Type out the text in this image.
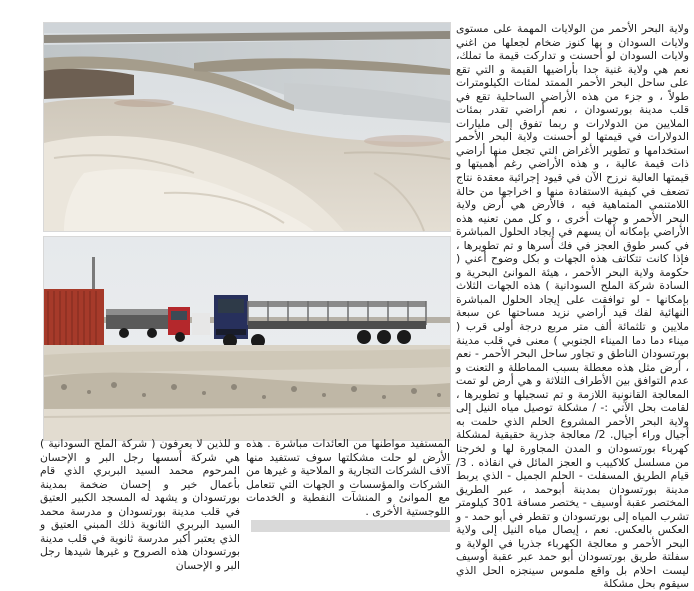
ولاية البحر الأحمر من الولايات المهمة على مستوى ولايات السودان و بها كنوز ضخام لجعلها من اغني ولايات السودان لو أحسنت و تداركت قيمة ما تملك، نعم هي ولاية غنية جدا بأراضيها القيمة و التي تقع على ساحل البحر الأحمر الممتد لمئات الكيلومترات طولاً ، و جزء من هذه الأراضي الساحلية تقع في قلب مدينة بورتسودان ، نعم أراضي تقدر بمئات الملايين من الدولارات و ربما تفوق إلى مليارات الدولارات في قيمتها لو أحسنت ولاية البحر الأحمر استخدامها و تطوير الأغراض التي تجعل منها أراضي ذات قيمة عالية ، و هذه الأراضي رغم أهميتها و قيمتها العالية نرزح الآن في قيود إجرائية معقدة نتاج تضعف في كيفية الاستفادة منها و اخراجها من حالة اللامتنمي المتماهية فيه ، فالأرض هي أرض ولاية البحر الأحمر و جهات أخرى ، و كل ممن تعنيه هذه الأراضي بإمكانه أن يسهم في إيجاد الحلول المباشرة في كسر طوق العجز في فك أسرها و تم تطويرها ، فإذا كانت تتكاتف هذه الجهات و بكل وضوح أعني ( حكومة ولاية البحر الأحمر ، هيئة الموانئ البحرية و السادة شركة الملح السودانية ) هذه الجهات الثلاث بإمكانها - لو توافقت على إيجاد الحلول المباشرة النهائية لفك قيد أراضي نزيد مساحتها عن سبعة ملايين و تلثمائة ألف متر مربع درجة أولى قرب ( ميناء دما دما الميناء الجنوبي ) معنى في قلب مدينة بورتسودان الناطق و تجاور ساحل البحر الأحمر - نعم ، أرض مثل هذه معطلة بسبب المماطلة و التعنت و عدم التوافق بين الأطراف الثلاثة و هي أرض لو تمت المعالجة القانونية اللازمة و تم تسجيلها و تطويرها ، لقامت بحل الآتي :- / مشكلة توصيل مياه النيل إلى ولاية البحر الأحمر المشروع الحلم الذي حلمت به أجيال وراء أجيال. 2/ معالجة جذرية حقيقية لمشكلة كهرباء بورتسودان و المدن المجاورة لها و لخرجنا من مسلسل كلاكييب و العجز المائل في انقاذه . 3/ قيام الطريق المسفلت - الحلم الجميل - الذي يربط مدينة بورتسودان بمدينة أبوحمد ، عبر الطريق المختصر عقبة أوسيف - يختصر مسافة 301 كيلومتر تشرب المياه إلى بورتسودان و تقطر في أبو حمد - و العكس بالعكس. نعم ، إيصال مياه النيل إلى ولاية البحر الأحمر و معالجة الكهرباء جذريا في الولاية و سفلتة طريق بورتسودان أبو حمد عبر عقبة أوسيف ليست احلام بل واقع ملموس سينجزه الحل الذي سيقوم بحل مشكلة

المستفيد مواطنها من العائدات مباشرة . هذه الأرض لو حلت مشكلتها سوف تستفيد منها آلاف الشركات التجارية و الملاحية و غيرها من الشركات والمؤسسات و الجهات التي تتعامل مع الموانئ و المنشآت النفطية و الخدمات اللوجستية الأخرى .

و للذين لا يعرفون ( شركة الملح السودانية ) هي شركة أسسها رجل البر و الإحسان المرحوم محمد السيد البربري الذي قام بأعمال خير و إحسان ضخمة بمدينة بورتسودان و يشهد له المسجد الكبير العتيق في قلب مدينة بورتسودان و مدرسة محمد السيد البربري الثانوية ذلك المبني العتيق و الذي يعتبر أكبر مدرسة ثانوية في قلب مدينة بورتسودان هذه الصروح و غيرها شيدها رجل البر و الإحسان
